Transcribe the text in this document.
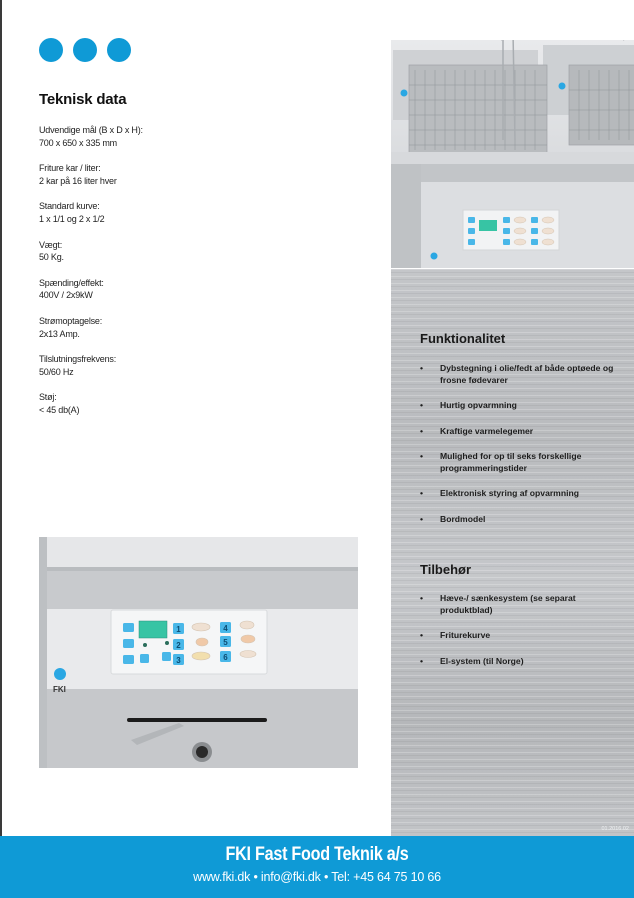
Teknisk data
Udvendige mål (B x D x H):
700 x 650 x 335 mm
Friture kar / liter:
2 kar på 16 liter hver
Standard kurve:
1 x 1/1 og 2 x 1/2
Vægt:
50 Kg.
Spænding/effekt:
400V / 2x9kW
Strømoptagelse:
2x13 Amp.
Tilslutningsfrekvens:
50/60 Hz
Støj:
< 45 db(A)
Funktionalitet
• Dybstegning i olie/fedt af både optøede og frosne fødevarer
• Hurtig opvarmning
• Kraftige varmelegemer
• Mulighed for op til seks forskellige programmeringstider
• Elektronisk styring af opvarmning
• Bordmodel
Tilbehør
• Hæve-/ sænkesystem (se separat produktblad)
• Friturekurve
• El-system (til Norge)
01.2016.02
1
2
3
4
5
6
FKI
FKI Fast Food Teknik a/s
www.fki.dk • info@fki.dk • Tel: +45 64 75 10 66
